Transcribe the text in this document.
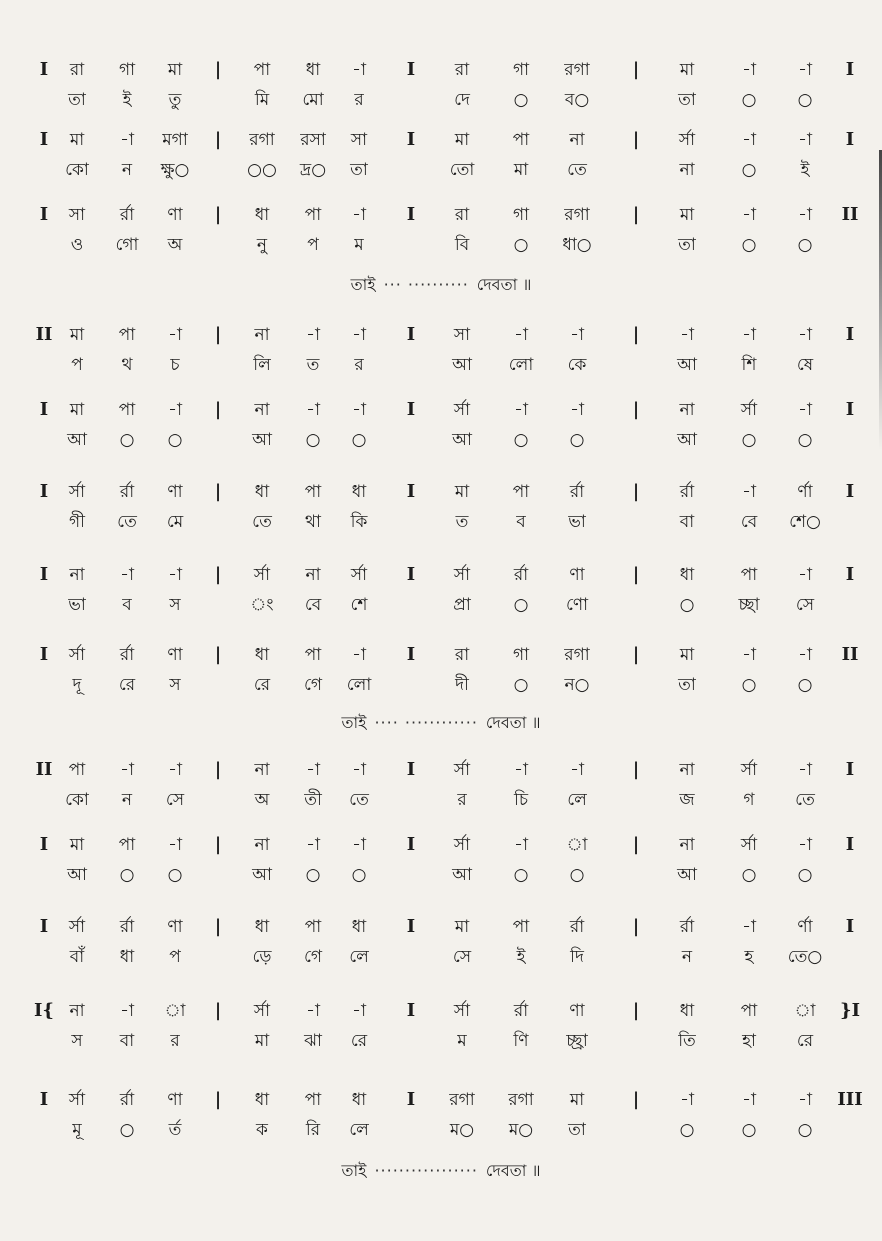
I রা গা মা | পা ধা -া I রা	গা রগা | মা	-া -া I
তা ই তু	মি মো র	দে	○ ব○	তা	○ ○
I মা -া মগা | রগা রসা সা I মা	পা না	| র্সা	-া -া I
কো ন ক্ষু○	○○ দ্র○ তা	তো মা তে	না	○	ই
I সা র্রা ণা | ধা পা -া I রা	গা রগা | মা	-া -া II
ও গো অ	নু প ম	বি	○ ধা○	তা	○ ○
II মা পা -া | না -া -া I সা	-া -া	| -া	-া -া I
প থ চ	লি ত র	আ লো কে	আ	শি ষে
I মা পা -া | না -া -া I র্সা	-া -া	| না	র্সা -া I
আ ○ ○	আ ○ ○	আ ○ ○	আ	○ ○
I র্সা র্রা ণা | ধা পা ধা I মা	পা র্রা	| র্রা	-া র্ণা I
গী তে মে	তে থা কি	ত	ব ভা	বা	বে শে○
I না -া -া | র্সা না র্সা I র্সা	র্রা ণা	| ধা	পা -া I
ভা ব স	ং বে শে	প্রা	○ ণো	○	চ্ছা সে
I র্সা র্রা ণা | ধা পা -া I রা	গা রগা | মা	-া -া II
দূ রে স	রে গে লো	দী	○ ন○	তা	○ ○
II পা -া -া | না -া -া I র্সা	-া -া	| না	র্সা -া I
কো ন সে	অ তী তে	র	চি লে	জ	গ তে
I মা পা -া | না -া -া I র্সা	-া া	| না	র্সা -া I
আ ○ ○	আ ○ ○	আ ○ ○	আ	○ ○
I র্সা র্রা ণা | ধা পা ধা I মা	পা র্রা	| র্রা	-া র্ণা I
বাঁ ধা প	ড়ে গে লে	সে	ই	দি	ন	হ তে○
I{ না -া া | র্সা -া -া I র্সা	র্রা ণা	| ধা	পা া }I
স বা র	মা ঝা রে	ম	ণি চ্ছ্রা	তি	হা রে
I র্সা র্রা ণা | ধা পা ধা I রগা রগা মা	| -া	-া -া III
মূ ○ র্ত	ক রি লে	ম○ ম○ তা	○	○ ○
তাই ··· ·········· দেবতা ॥
তাই ···· ············ দেবতা ॥
তাই ················· দেবতা ॥
